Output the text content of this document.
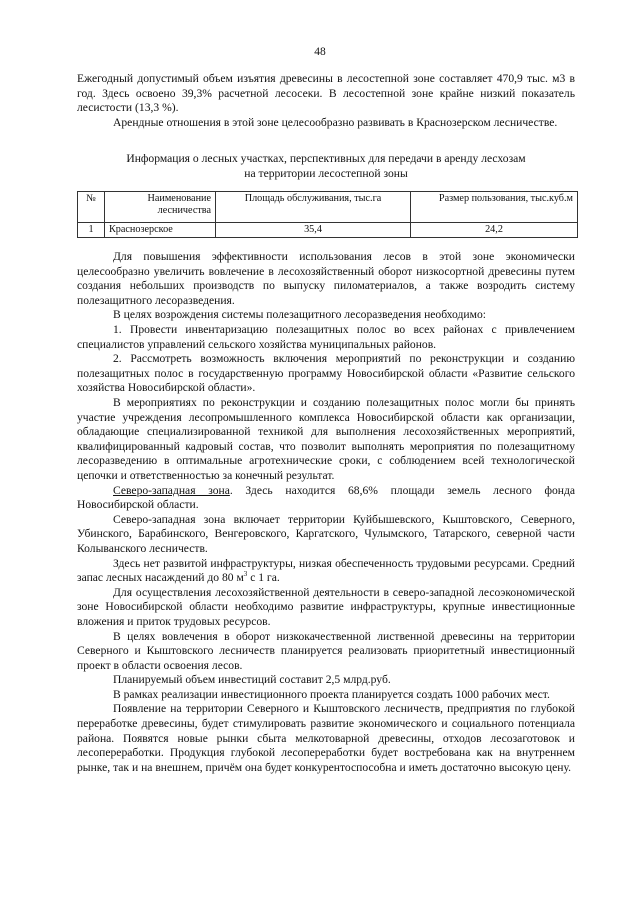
48

Ежегодный допустимый объем изъятия древесины в лесостепной зоне составляет 470,9 тыс. м3 в год. Здесь освоено 39,3% расчетной лесосеки. В лесостепной зоне крайне низкий показатель лесистости (13,3 %).

Арендные отношения в этой зоне целесообразно развивать в Краснозерском лесничестве.

Информация о лесных участках, перспективных для передачи в аренду лесхозам
на территории лесостепной зоны
№	Наименование лесничества	Площадь обслуживания, тыс.га	Размер пользования, тыс.куб.м
1	Краснозерское	35,4	24,2

Для повышения эффективности использования лесов в этой зоне экономически целесообразно увеличить вовлечение в лесохозяйственный оборот низкосортной древесины путем создания небольших производств по выпуску пиломатериалов, а также возродить систему полезащитного лесоразведения.

В целях возрождения системы полезащитного лесоразведения необходимо:

1. Провести инвентаризацию полезащитных полос во всех районах с привлечением специалистов управлений сельского хозяйства муниципальных районов.

2. Рассмотреть возможность включения мероприятий по реконструкции и созданию полезащитных полос в государственную программу Новосибирской области «Развитие сельского хозяйства Новосибирской области».

В мероприятиях по реконструкции и созданию полезащитных полос могли бы принять участие учреждения лесопромышленного комплекса Новосибирской области как организации, обладающие специализированной техникой для выполнения лесохозяйственных мероприятий, квалифицированный кадровый состав, что позволит выполнять мероприятия по полезащитному лесоразведению в оптимальные агротехнические сроки, с соблюдением всей технологической цепочки и ответственностью за конечный результат.

Северо-западная зона. Здесь находится 68,6% площади земель лесного фонда Новосибирской области.

Северо-западная зона включает территории Куйбышевского, Кыштовского, Северного, Убинского, Барабинского, Венгеровского, Каргатского, Чулымского, Татарского, северной части Колыванского лесничеств.

Здесь нет развитой инфраструктуры, низкая обеспеченность трудовыми ресурсами. Средний запас лесных насаждений до 80 $м^3$ с 1 га.

Для осуществления лесохозяйственной деятельности в северо-западной лесоэкономической зоне Новосибирской области необходимо развитие инфраструктуры, крупные инвестиционные вложения и приток трудовых ресурсов.

В целях вовлечения в оборот низкокачественной лиственной древесины на территории Северного и Кыштовского лесничеств планируется реализовать приоритетный инвестиционный проект в области освоения лесов.

Планируемый объем инвестиций составит 2,5 млрд.руб.

В рамках реализации инвестиционного проекта планируется создать 1000 рабочих мест.

Появление на территории Северного и Кыштовского лесничеств, предприятия по глубокой переработке древесины, будет стимулировать развитие экономического и социального потенциала района. Появятся новые рынки сбыта мелкотоварной древесины, отходов лесозаготовок и лесопереработки. Продукция глубокой лесопереработки будет востребована как на внутреннем рынке, так и на внешнем, причём она будет конкурентоспособна и иметь достаточно высокую цену.
